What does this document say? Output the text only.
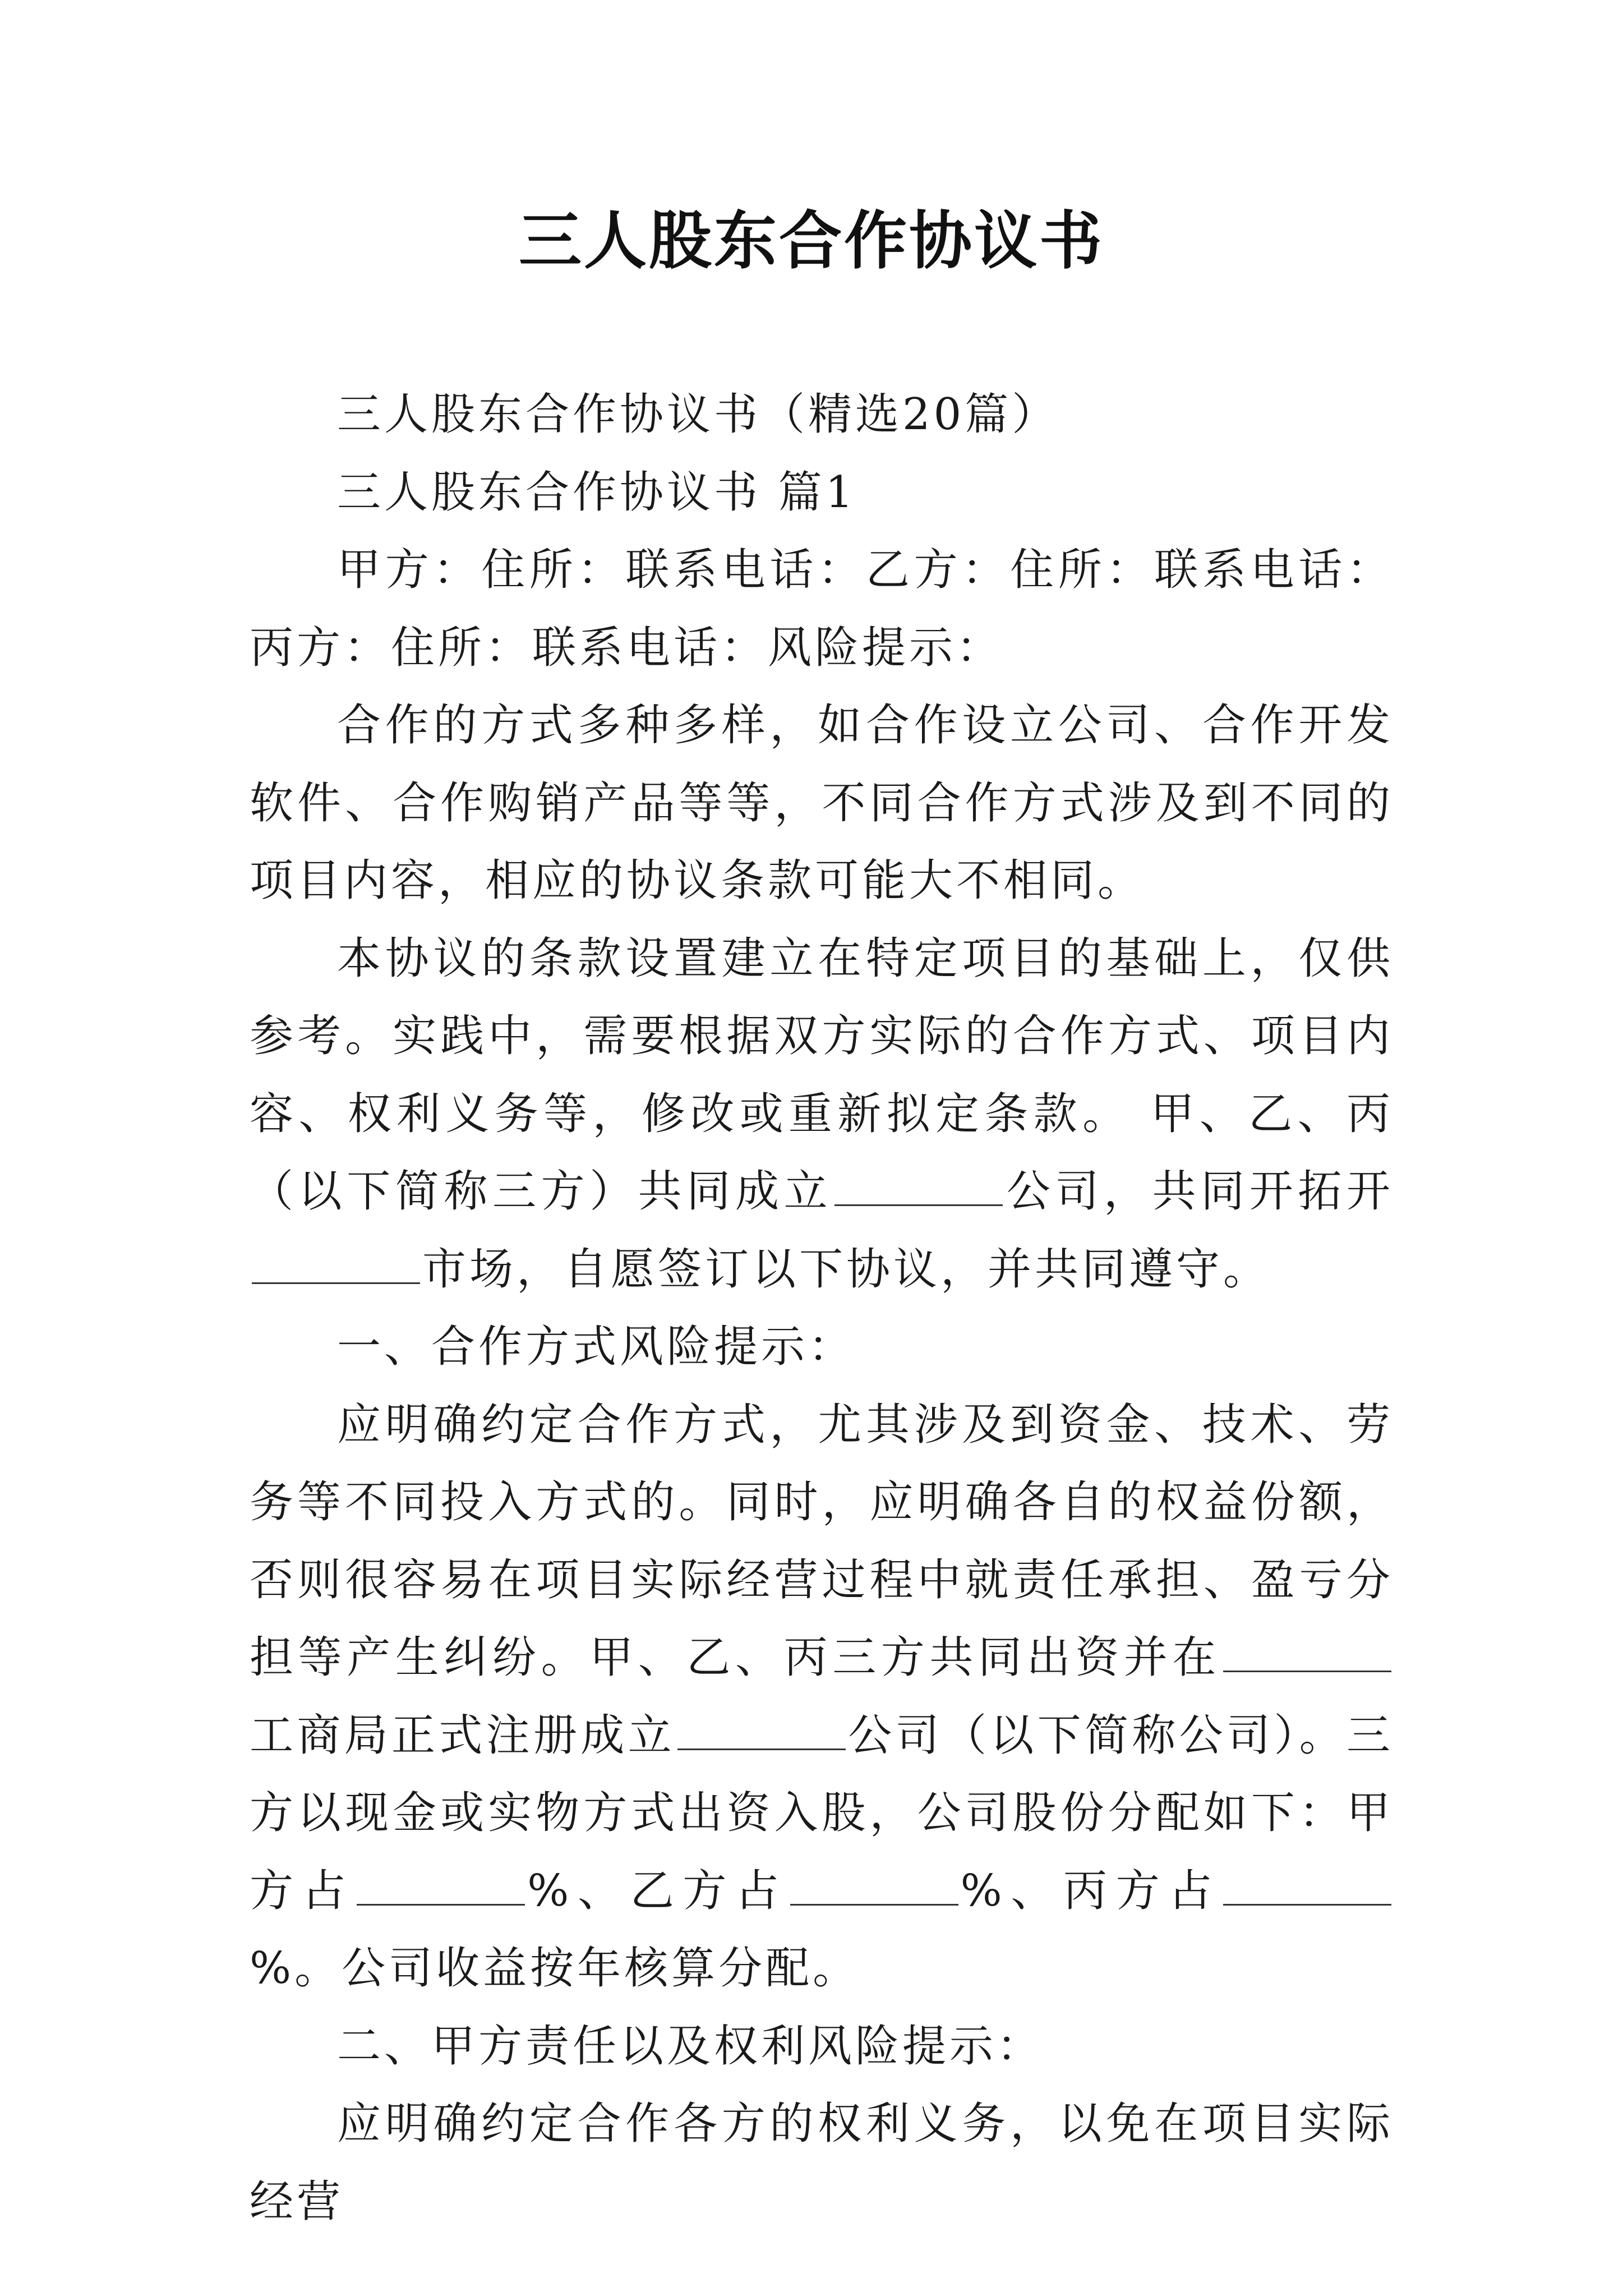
三人股东合作协议书

三人股东合作协议书（精选20篇）

三人股东合作协议书 篇1

甲方：住所：联系电话：乙方：住所：联系电话：丙方：住所：联系电话：风险提示：

合作的方式多种多样，如合作设立公司、合作开发软件、合作购销产品等等，不同合作方式涉及到不同的项目内容，相应的协议条款可能大不相同。

本协议的条款设置建立在特定项目的基础上，仅供参考。实践中，需要根据双方实际的合作方式、项目内容、权利义务等，修改或重新拟定条款。 甲、乙、丙（以下简称三方）共同成立	公司，共同开拓开市场，自愿签订以下协议，并共同遵守。

一、合作方式风险提示：

应明确约定合作方式，尤其涉及到资金、技术、劳务等不同投入方式的。同时，应明确各自的权益份额，否则很容易在项目实际经营过程中就责任承担、盈亏分担等产生纠纷。甲、乙、丙三方共同出资并在工商局正式注册成立	公司（以下简称公司）。三方以现金或实物方式出资入股，公司股份分配如下：甲方占	%、乙方占	%、丙方占%。公司收益按年核算分配。

二、甲方责任以及权利风险提示：

应明确约定合作各方的权利义务，以免在项目实际经营
